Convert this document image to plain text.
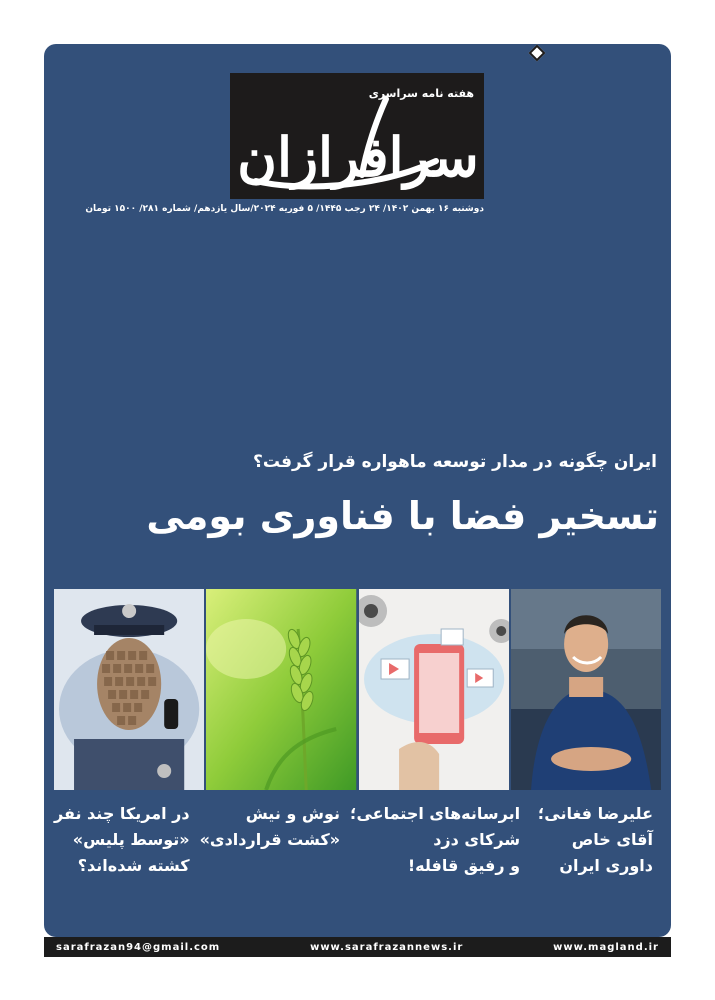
هفته نامه سراسری
سرافرازان
دوشنبه ۱۶ بهمن ۱۴۰۲/ ۲۴ رجب ۱۴۴۵/ ۵ فوریه ۲۰۲۴/سال یازدهم/ شماره ۲۸۱/ ۱۵۰۰ تومان
ایران چگونه در مدار توسعه ماهواره قرار گرفت؟
تسخیر فضا با فناوری بومی
علیرضا فغانی؛
آقای خاص
داوری ایران
ابرسانه‌های اجتماعی؛
شرکای دزد
و رفیق قافله!
نوش و نیش
«کشت قراردادی»
در امریکا چند نفر
«توسط پلیس»
کشته شده‌اند؟
sarafrazan94@gmail.com	www.sarafrazannews.ir	www.magland.ir
